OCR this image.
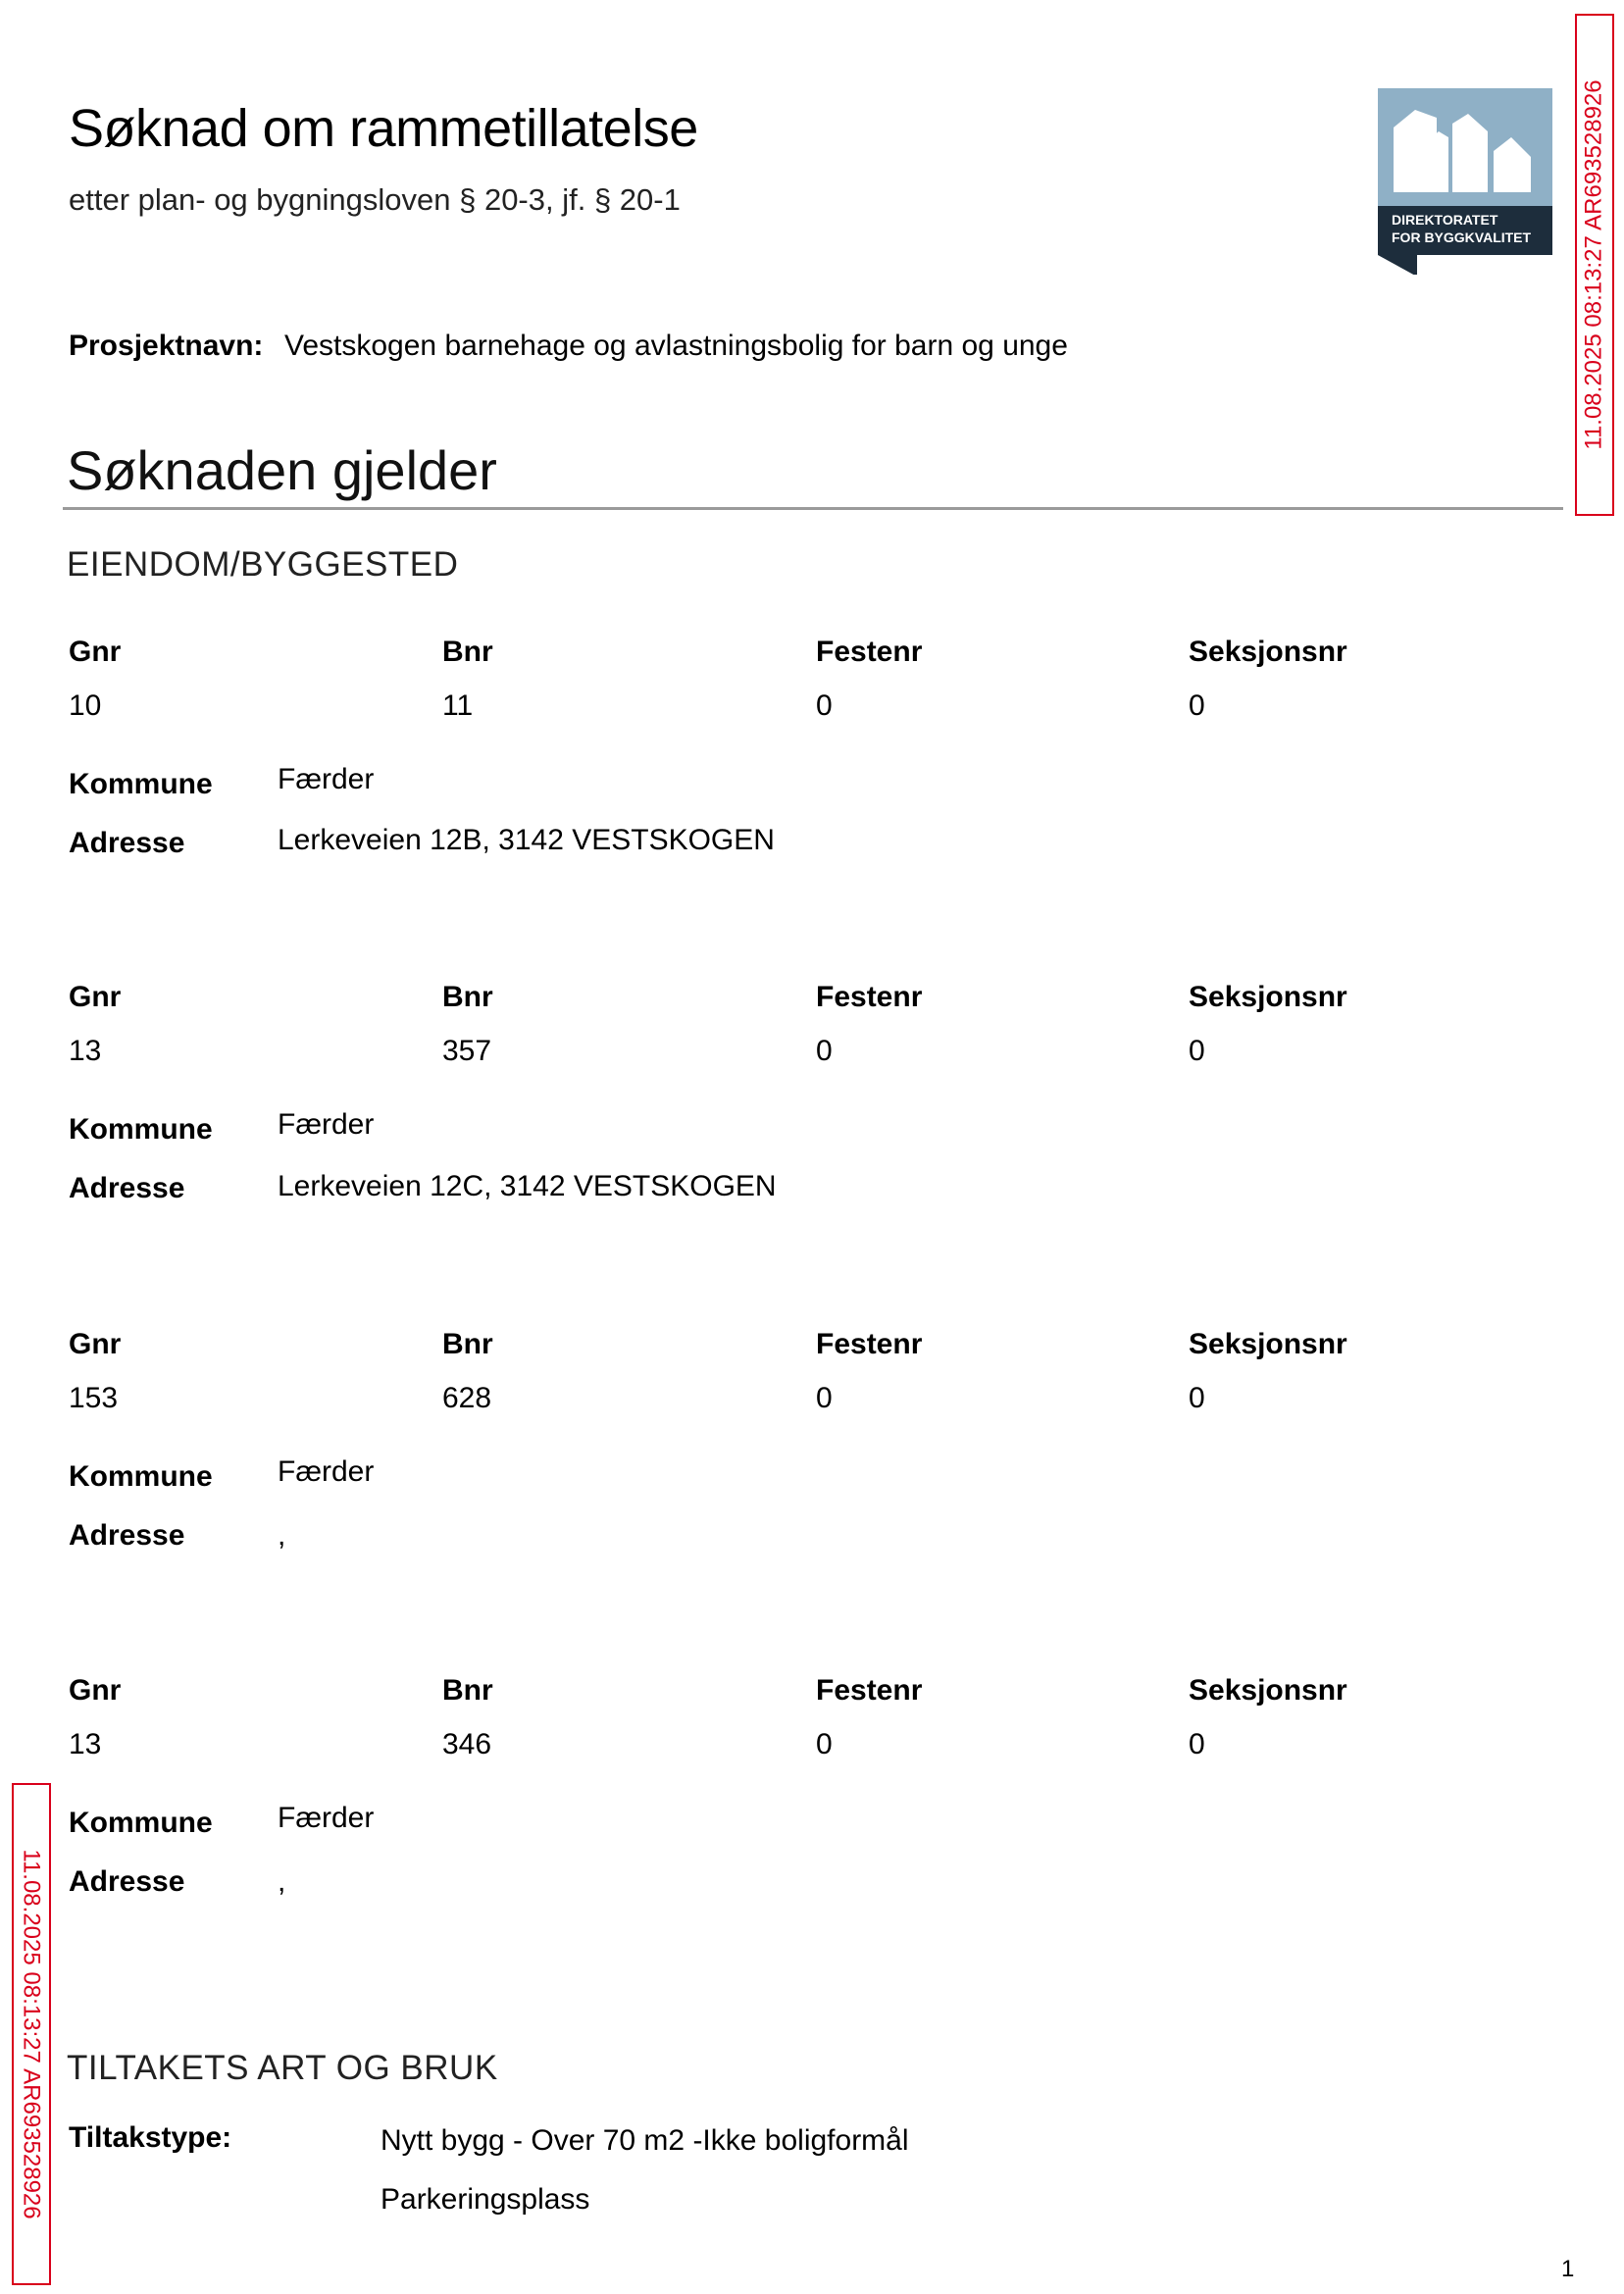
Søknad om rammetillatelse
etter plan- og bygningsloven § 20-3, jf. § 20-1
DIREKTORATET
FOR BYGGKVALITET 11.08.2025 08:13:27 AR693528926
11.08.2025 08:13:27 AR693528926
Prosjektnavn: Vestskogen barnehage og avlastningsbolig for barn og unge
Søknaden gjelder
EIENDOM/BYGGESTED
Gnr	Bnr	Festenr	Seksjonsnr
10	11	0	0
Kommune Færder
Adresse	Lerkeveien 12B, 3142 VESTSKOGEN
Gnr	Bnr	Festenr	Seksjonsnr
13	357	0	0
Kommune Færder
Adresse	Lerkeveien 12C, 3142 VESTSKOGEN
Gnr	Bnr	Festenr	Seksjonsnr
153	628	0	0
Kommune Færder
Adresse	,
Gnr	Bnr	Festenr	Seksjonsnr
13	346	0	0
Kommune Færder
Adresse	,
TILTAKETS ART OG BRUK
Tiltakstype:	Nytt bygg - Over 70 m2 -Ikke boligformål
Parkeringsplass
1
